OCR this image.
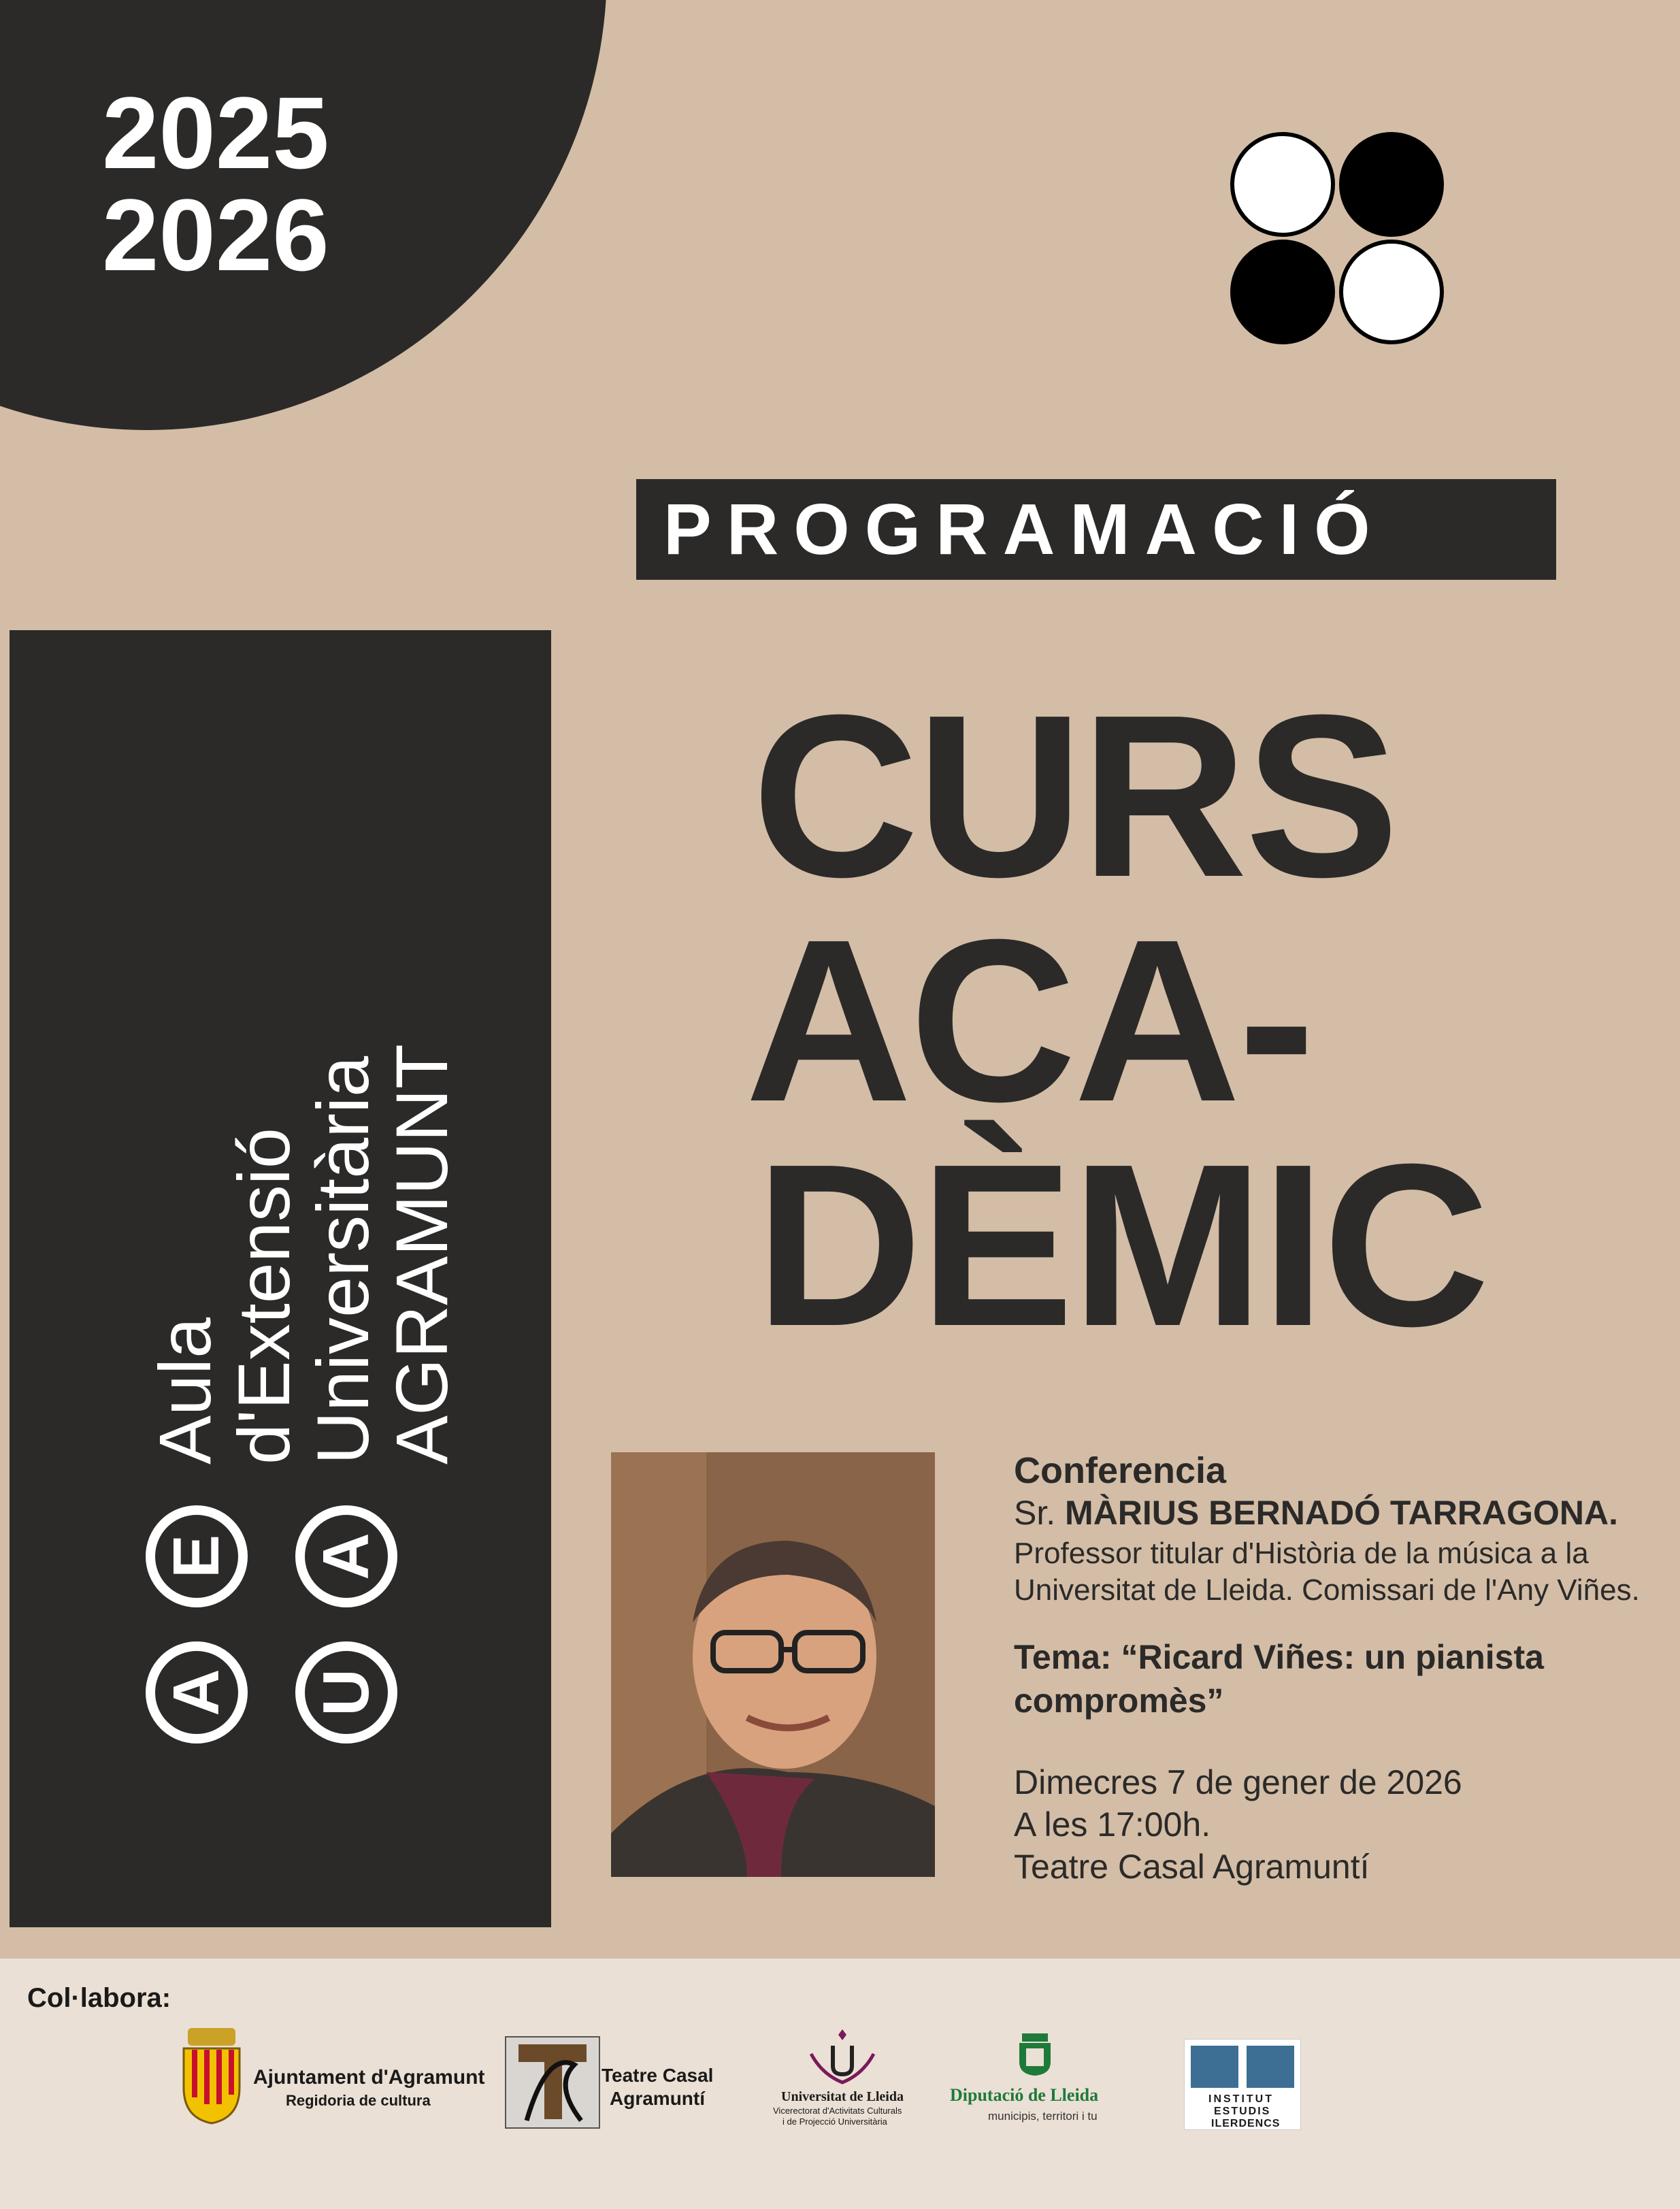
2025
2026
PROGRAMACIÓ
CURS
ACA-
DÈMIC
A U
E A
Aula
d'Extensió
Universitària
AGRAMUNT
Conferencia
Sr. MÀRIUS BERNADÓ TARRAGONA.
Professor titular d'Història de la música a la
Universitat de Lleida. Comissari de l'Any Viñes.
Tema: “Ricard Viñes: un pianista
compromès”
Dimecres 7 de gener de 2026
A les 17:00h.
Teatre Casal Agramuntí
Col·labora:
Ajuntament d'Agramunt
Regidoria de cultura
Teatre Casal
Agramuntí	Universitat de Lleida
Vicerectorat d'Activitats Culturals
i de Projecció Universitària
Diputació de Lleida
municipis, territori i tu
INSTITUT
ESTUDIS
ILERDENCS
